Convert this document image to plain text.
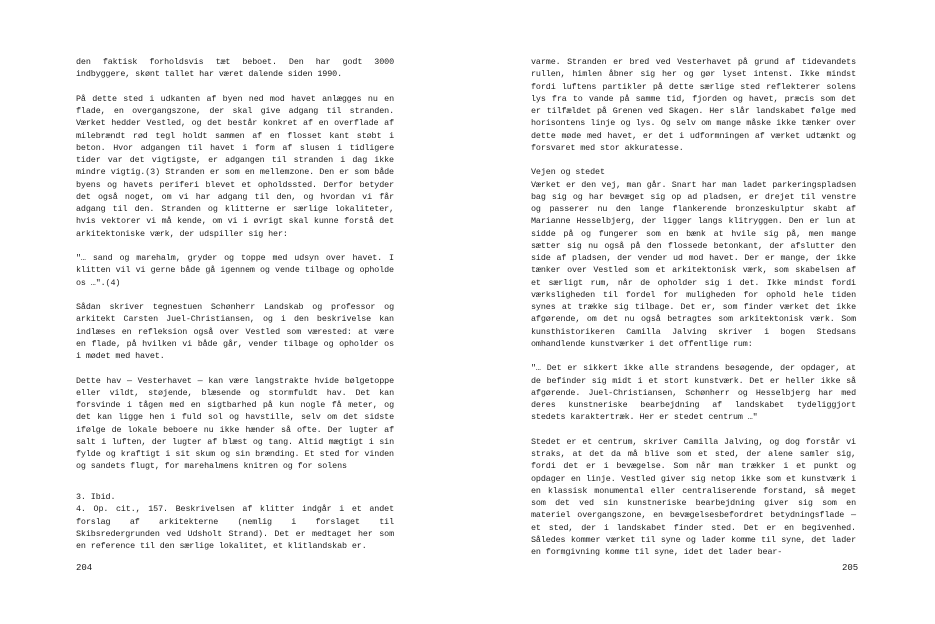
den faktisk forholdsvis tæt beboet. Den har godt 3000 indbyggere, skønt tallet har været dalende siden 1990.

På dette sted i udkanten af byen ned mod havet anlægges nu en flade, en overgangszone, der skal give adgang til stranden. Værket hedder Vestled, og det består konkret af en overflade af milebrændt rød tegl holdt sammen af en flosset kant støbt i beton. Hvor adgangen til havet i form af slusen i tidligere tider var det vigtigste, er adgangen til stranden i dag ikke mindre vigtig.(3) Stranden er som en mellemzone. Den er som både byens og havets periferi blevet et opholdssted. Derfor betyder det også noget, om vi har adgang til den, og hvordan vi får adgang til den. Stranden og klitterne er særlige lokaliteter, hvis vektorer vi må kende, om vi i øvrigt skal kunne forstå det arkitektoniske værk, der udspiller sig her:

"… sand og marehalm, gryder og toppe med udsyn over havet. I klitten vil vi gerne både gå igennem og vende tilbage og opholde os …".(4)

Sådan skriver tegnestuen Schønherr Landskab og professor og arkitekt Carsten Juel-Christiansen, og i den beskrivelse kan indlæses en refleksion også over Vestled som værested: at være en flade, på hvilken vi både går, vender tilbage og opholder os i mødet med havet.

Dette hav — Vesterhavet — kan være langstrakte hvide bølgetoppe eller vildt, støjende, blæsende og stormfuldt hav. Det kan forsvinde i tågen med en sigtbarhed på kun nogle få meter, og det kan ligge hen i fuld sol og havstille, selv om det sidste ifølge de lokale beboere nu ikke hænder så ofte. Der lugter af salt i luften, der lugter af blæst og tang. Altid mægtigt i sin fylde og kraftigt i sit skum og sin brænding. Et sted for vinden og sandets flugt, for marehalmens knitren og for solens

3. Ibid.
4. Op. cit., 157. Beskrivelsen af klitter indgår i et andet forslag af arkitekterne (nemlig i forslaget til Skibsredergrunden ved Udsholt Strand). Det er medtaget her som en reference til den særlige lokalitet, et klitlandskab er.
204

varme. Stranden er bred ved Vesterhavet på grund af tidevandets rullen, himlen åbner sig her og gør lyset intenst. Ikke mindst fordi luftens partikler på dette særlige sted reflekterer solens lys fra to vande på samme tid, fjorden og havet, præcis som det er tilfældet på Grenen ved Skagen. Her slår landskabet følge med horisontens linje og lys. Og selv om mange måske ikke tænker over dette møde med havet, er det i udformningen af værket udtænkt og forsvaret med stor akkuratesse.

Vejen og stedet

Værket er den vej, man går. Snart har man ladet parkeringspladsen bag sig og har bevæget sig op ad pladsen, er drejet til venstre og passerer nu den lange flankerende bronzeskulptur skabt af Marianne Hesselbjerg, der ligger langs klitryggen. Den er lun at sidde på og fungerer som en bænk at hvile sig på, men mange sætter sig nu også på den flossede betonkant, der afslutter den side af pladsen, der vender ud mod havet. Der er mange, der ikke tænker over Vestled som et arkitektonisk værk, som skabelsen af et særligt rum, når de opholder sig i det. Ikke mindst fordi værksligheden til fordel for muligheden for ophold hele tiden synes at trække sig tilbage. Det er, som finder værket det ikke afgørende, om det nu også betragtes som arkitektonisk værk. Som kunsthistorikeren Camilla Jalving skriver i bogen Stedsans omhandlende kunstværker i det offentlige rum:

"… Det er sikkert ikke alle strandens besøgende, der opdager, at de befinder sig midt i et stort kunstværk. Det er heller ikke så afgørende. Juel-Christiansen, Schønherr og Hesselbjerg har med deres kunstneriske bearbejdning af landskabet tydeliggjort stedets karaktertræk. Her er stedet centrum …"

Stedet er et centrum, skriver Camilla Jalving, og dog forstår vi straks, at det da må blive som et sted, der alene samler sig, fordi det er i bevægelse. Som når man trækker i et punkt og opdager en linje. Vestled giver sig netop ikke som et kunstværk i en klassisk monumental eller centraliserende forstand, så meget som det ved sin kunstneriske bearbejdning giver sig som en materiel overgangszone, en bevægelsesbefordret betydningsflade — et sted, der i landskabet finder sted. Det er en begivenhed. Således kommer værket til syne og lader komme til syne, det lader en formgivning komme til syne, idet det lader bear-

205
